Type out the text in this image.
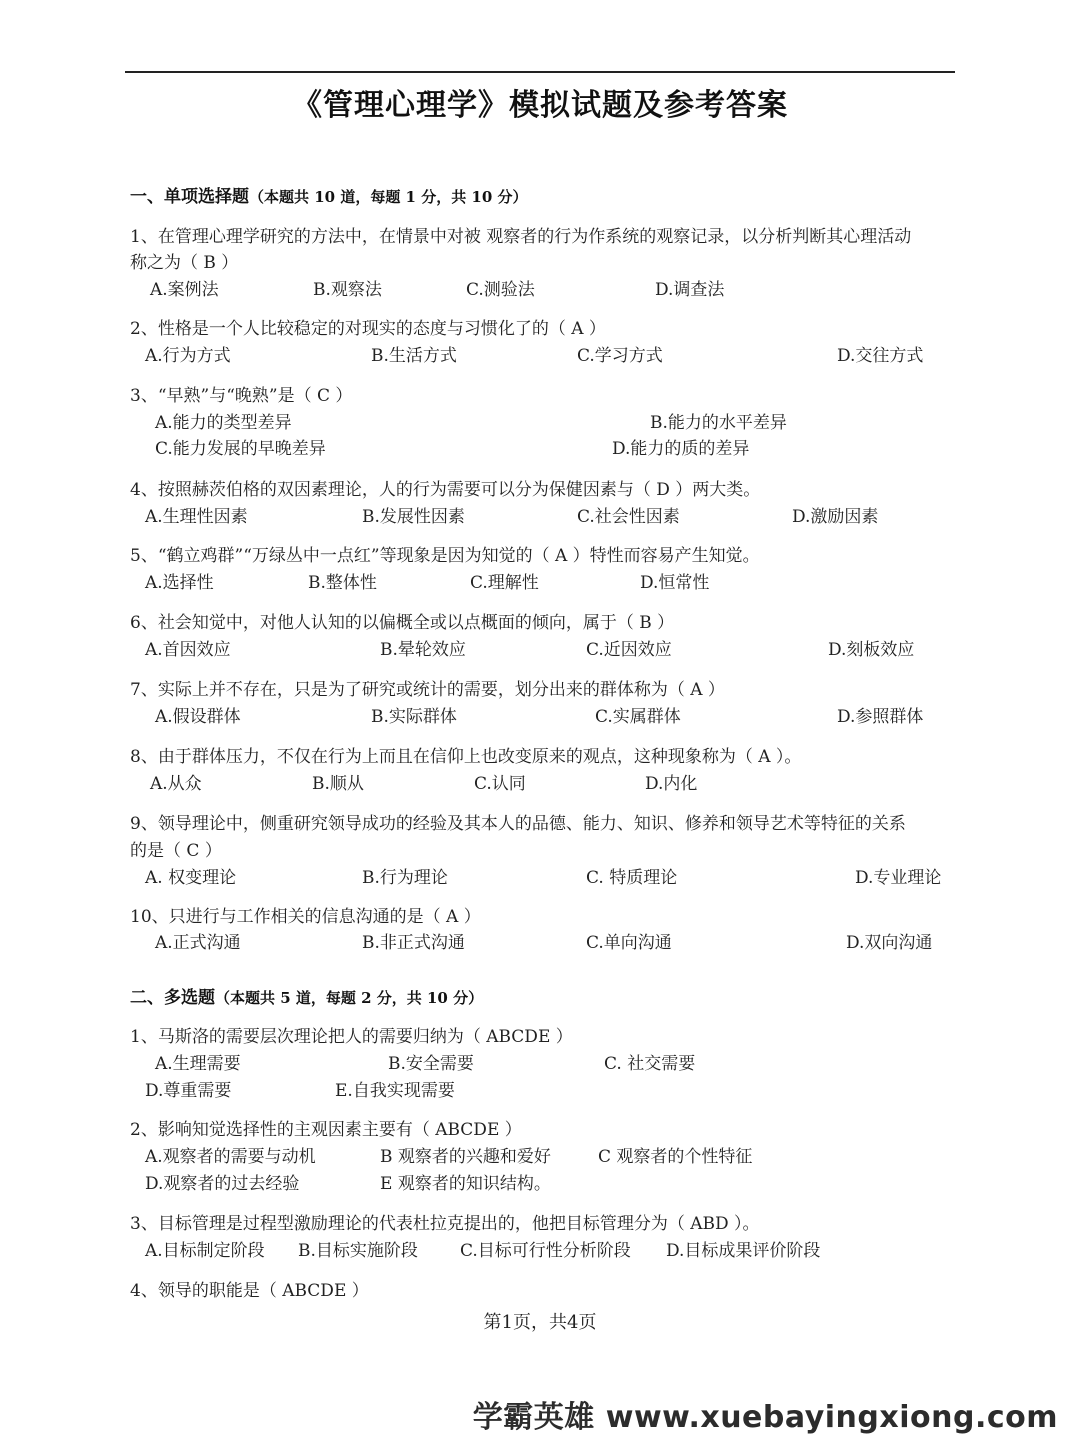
《管理心理学》模拟试题及参考答案
一、单项选择题（本题共 10 道，每题 1 分，共 10 分）
1、在管理心理学研究的方法中，在情景中对被 观察者的行为作系统的观察记录，以分析判断其心理活动
称之为（ B ）
A.案例法	B.观察法	C.测验法	D.调查法
2、性格是一个人比较稳定的对现实的态度与习惯化了的（ A ）
A.行为方式	B.生活方式	C.学习方式	D.交往方式
3、“早熟”与“晚熟”是（ C ）
A.能力的类型差异	B.能力的水平差异
C.能力发展的早晚差异	D.能力的质的差异
4、按照赫茨伯格的双因素理论，人的行为需要可以分为保健因素与（ D ）两大类。
A.生理性因素	B.发展性因素	C.社会性因素	D.激励因素
5、“鹤立鸡群”“万绿丛中一点红”等现象是因为知觉的（ A ）特性而容易产生知觉。
A.选择性	B.整体性	C.理解性	D.恒常性
6、社会知觉中，对他人认知的以偏概全或以点概面的倾向，属于（ B ）
A.首因效应	B.晕轮效应	C.近因效应	D.刻板效应
7、实际上并不存在，只是为了研究或统计的需要，划分出来的群体称为（ A ）
A.假设群体	B.实际群体	C.实属群体	D.参照群体
8、由于群体压力，不仅在行为上而且在信仰上也改变原来的观点，这种现象称为（ A ）。
A.从众	B.顺从	C.认同	D.内化
9、领导理论中，侧重研究领导成功的经验及其本人的品德、能力、知识、修养和领导艺术等特征的关系
的是（ C ）
A. 权变理论	B.行为理论	C. 特质理论	D.专业理论
10、只进行与工作相关的信息沟通的是（ A ）
A.正式沟通	B.非正式沟通	C.单向沟通	D.双向沟通
二、多选题（本题共 5 道，每题 2 分，共 10 分）
1、马斯洛的需要层次理论把人的需要归纳为（ ABCDE ）
A.生理需要	B.安全需要	C. 社交需要
D.尊重需要	E.自我实现需要
2、影响知觉选择性的主观因素主要有（ ABCDE ）
A.观察者的需要与动机	B 观察者的兴趣和爱好	C 观察者的个性特征
D.观察者的过去经验	E 观察者的知识结构。
3、目标管理是过程型激励理论的代表杜拉克提出的，他把目标管理分为（ ABD ）。
A.目标制定阶段 B.目标实施阶段 C.目标可行性分析阶段 D.目标成果评价阶段
4、领导的职能是（ ABCDE ）
第1页，共4页
学霸英雄 www.xuebayingxiong.com
